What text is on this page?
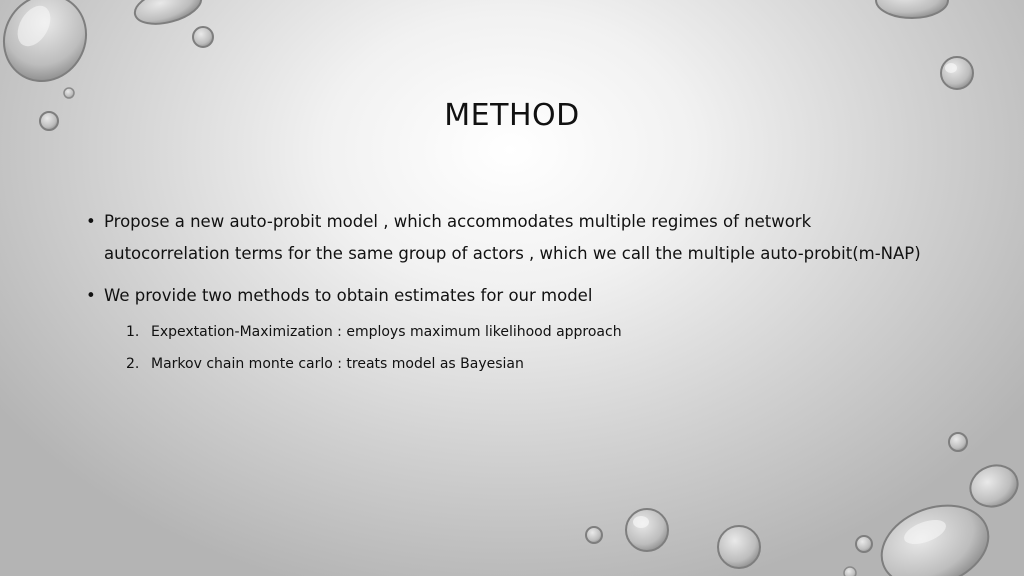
METHOD
• Propose a new auto-probit model , which accommodates multiple regimes of network
autocorrelation terms for the same group of actors , which we call the multiple auto-probit(m-NAP)
• We provide two methods to obtain estimates for our model
1. Expextation-Maximization : employs maximum likelihood approach
2. Markov chain monte carlo : treats model as Bayesian
